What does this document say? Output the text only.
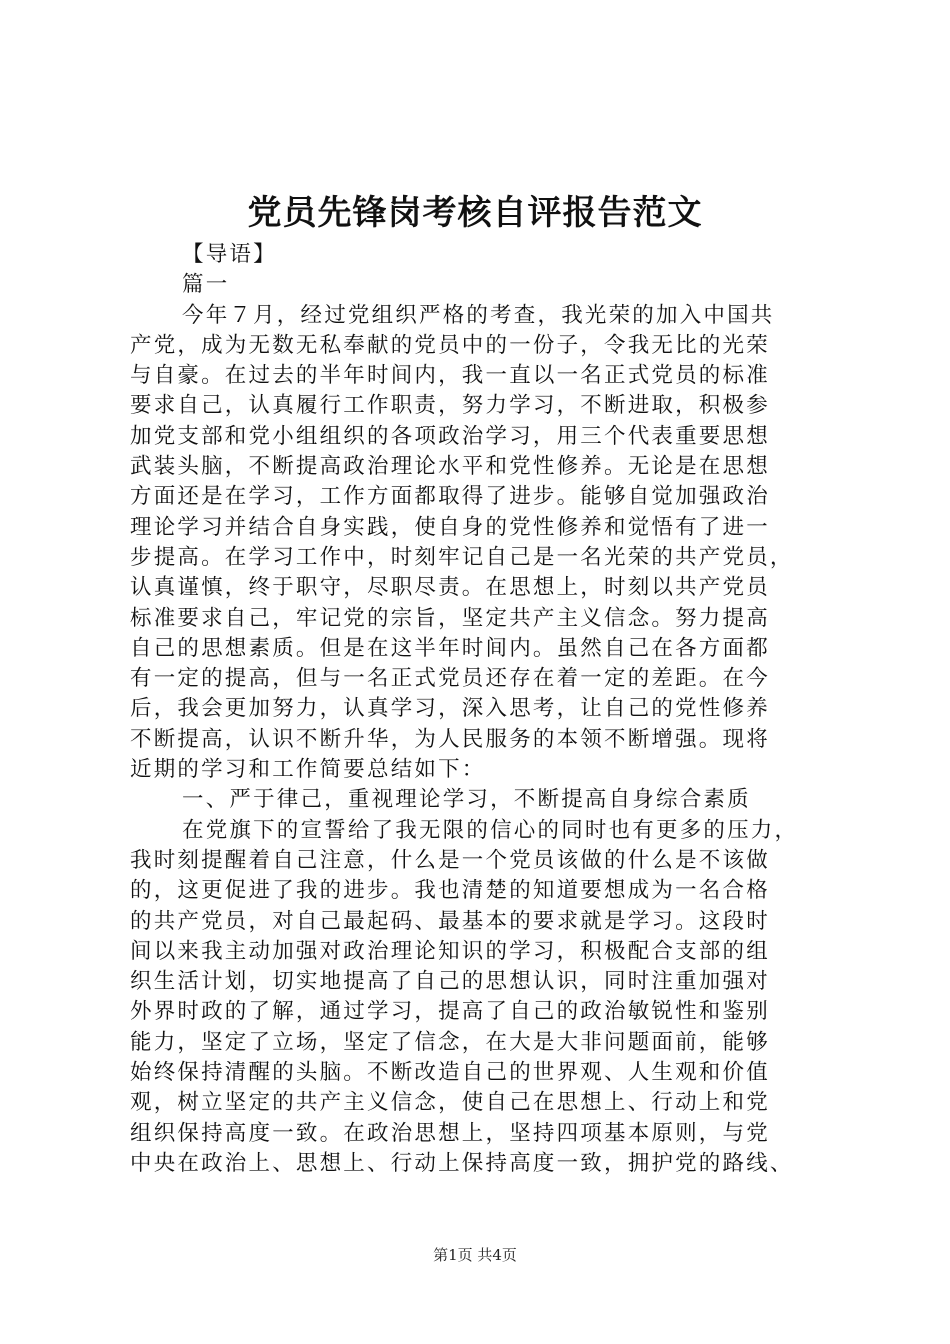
党员先锋岗考核自评报告范文
【导语】
篇一
今年７月，经过党组织严格的考查，我光荣的加入中国共
产党，成为无数无私奉献的党员中的一份子，令我无比的光荣
与自豪。在过去的半年时间内，我一直以一名正式党员的标准
要求自己，认真履行工作职责，努力学习，不断进取，积极参
加党支部和党小组组织的各项政治学习，用三个代表重要思想
武装头脑，不断提高政治理论水平和党性修养。无论是在思想
方面还是在学习，工作方面都取得了进步。能够自觉加强政治
理论学习并结合自身实践，使自身的党性修养和觉悟有了进一
步提高。在学习工作中，时刻牢记自己是一名光荣的共产党员，
认真谨慎，终于职守，尽职尽责。在思想上，时刻以共产党员
标准要求自己，牢记党的宗旨，坚定共产主义信念。努力提高
自己的思想素质。但是在这半年时间内。虽然自己在各方面都
有一定的提高，但与一名正式党员还存在着一定的差距。在今
后，我会更加努力，认真学习，深入思考，让自己的党性修养
不断提高，认识不断升华，为人民服务的本领不断增强。现将
近期的学习和工作简要总结如下：
一、严于律己，重视理论学习，不断提高自身综合素质
在党旗下的宣誓给了我无限的信心的同时也有更多的压力，
我时刻提醒着自己注意，什么是一个党员该做的什么是不该做
的，这更促进了我的进步。我也清楚的知道要想成为一名合格
的共产党员，对自己最起码、最基本的要求就是学习。这段时
间以来我主动加强对政治理论知识的学习，积极配合支部的组
织生活计划，切实地提高了自己的思想认识，同时注重加强对
外界时政的了解，通过学习，提高了自己的政治敏锐性和鉴别
能力，坚定了立场，坚定了信念，在大是大非问题面前，能够
始终保持清醒的头脑。不断改造自己的世界观、人生观和价值
观，树立坚定的共产主义信念，使自己在思想上、行动上和党
组织保持高度一致。在政治思想上，坚持四项基本原则，与党
中央在政治上、思想上、行动上保持高度一致，拥护党的路线、
第1页 共4页
